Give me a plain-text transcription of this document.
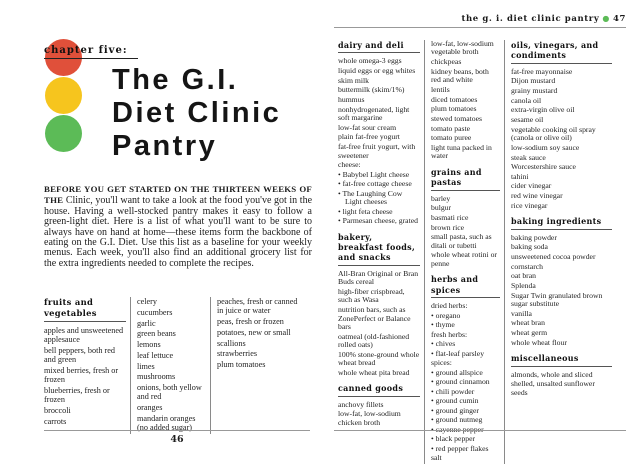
chapter five:
The G.I.
Diet Clinic
Pantry

BEFORE YOU GET STARTED ON THE THIRTEEN WEEKS OF THE Clinic, you'll want to take a look at the food you've got in the house. Having a well-stocked pantry makes it easy to follow a green-light diet. Here is a list of what you'll want to be sure to always have on hand at home—these items form the backbone of eating on the G.I. Diet. Use this list as a baseline for your weekly menus. Each week, you'll also find an additional grocery list for the extra ingredients needed to complete the recipes.

fruits and vegetables
apples and unsweetened applesauce
bell peppers, both red and green
mixed berries, fresh or frozen
blueberries, fresh or frozen
broccoli
carrots
celery
cucumbers
garlic
green beans
lemons
leaf lettuce
limes
mushrooms
onions, both yellow and red
oranges
mandarin oranges (no added sugar)
peaches, fresh or canned in juice or water
peas, fresh or frozen
potatoes, new or small
scallions
strawberries
plum tomatoes
46
the g. i. diet clinic pantry ● 47
dairy and deli
whole omega-3 eggs
liquid eggs or egg whites
skim milk
buttermilk (skim/1%)
hummus
nonhydrogenated, light soft margarine
low-fat sour cream
plain fat-free yogurt
fat-free fruit yogurt, with sweetener
cheese:
• Babybel Light cheese
• fat-free cottage cheese
• The Laughing Cow Light cheeses
• light feta cheese
• Parmesan cheese, grated
bakery, breakfast foods, and snacks
All-Bran Original or Bran Buds cereal
high-fiber crispbread, such as Wasa
nutrition bars, such as ZonePerfect or Balance bars
oatmeal (old-fashioned rolled oats)
100% stone-ground whole wheat bread
whole wheat pita bread
canned goods
anchovy fillets
low-fat, low-sodium chicken broth
low-fat, low-sodium vegetable broth
chickpeas
kidney beans, both red and white
lentils
diced tomatoes
plum tomatoes
stewed tomatoes
tomato paste
tomato puree
light tuna packed in water
grains and pastas
barley
bulgur
basmati rice
brown rice
small pasta, such as ditali or tubetti
whole wheat rotini or penne
herbs and spices
dried herbs:
• oregano
• thyme
fresh herbs:
• chives
• flat-leaf parsley
spices:
• ground allspice
• ground cinnamon
• chili powder
• ground cumin
• ground ginger
• ground nutmeg
• cayenne pepper
• black pepper
• red pepper flakes
salt
oils, vinegars, and condiments
fat-free mayonnaise
Dijon mustard
grainy mustard
canola oil
extra-virgin olive oil
sesame oil
vegetable cooking oil spray (canola or olive oil)
low-sodium soy sauce
steak sauce
Worcestershire sauce
tahini
cider vinegar
red wine vinegar
rice vinegar
baking ingredients
baking powder
baking soda
unsweetened cocoa powder
cornstarch
oat bran
Splenda
Sugar Twin granulated brown sugar substitute
vanilla
wheat bran
wheat germ
whole wheat flour
miscellaneous
almonds, whole and sliced
shelled, unsalted sunflower seeds
